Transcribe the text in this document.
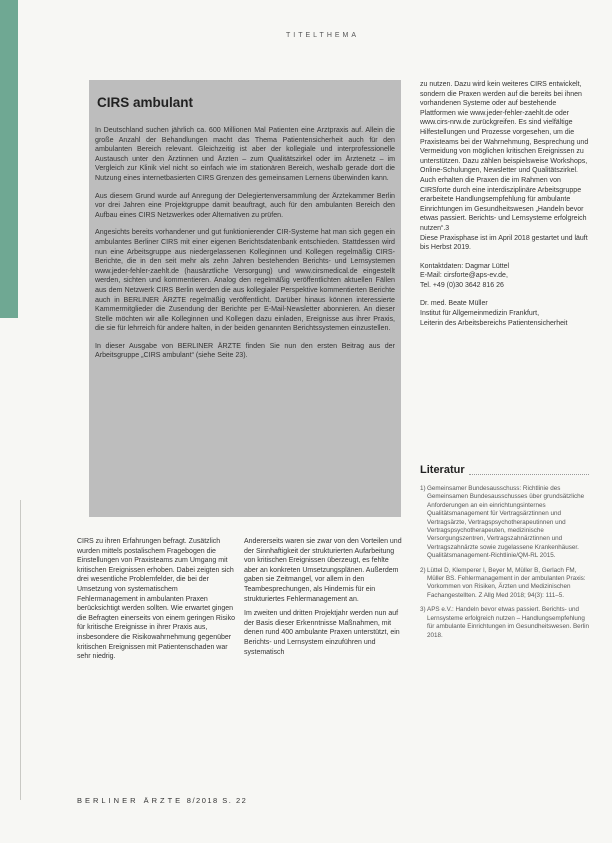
TITELTHEMA
CIRS ambulant

In Deutschland suchen jährlich ca. 600 Millionen Mal Patienten eine Arztpraxis auf. Allein die große Anzahl der Behandlungen macht das Thema Patientensicherheit auch für den ambulanten Bereich relevant. Gleichzeitig ist aber der kollegiale und interprofessionelle Austausch unter den Ärztinnen und Ärzten – zum Qualitätszirkel oder im Ärztenetz – im Vergleich zur Klinik viel nicht so einfach wie im stationären Bereich, weshalb gerade dort die Nutzung eines internetbasierten CIRS Grenzen des gemeinsamen Lernens überwinden kann.

Aus diesem Grund wurde auf Anregung der Delegiertenversammlung der Ärztekammer Berlin vor drei Jahren eine Projektgruppe damit beauftragt, auch für den ambulanten Bereich den Aufbau eines CIRS Netzwerkes oder Alternativen zu prüfen.

Angesichts bereits vorhandener und gut funktionierender CIR-Systeme hat man sich gegen ein ambulantes Berliner CIRS mit einer eigenen Berichtsdatenbank entschieden. Stattdessen wird nun eine Arbeitsgruppe aus niedergelassenen Kolleginnen und Kollegen regelmäßig CIRS-Berichte, die in den seit mehr als zehn Jahren bestehenden Berichts- und Lernsystemen www.jeder-fehler-zaehlt.de (hausärztliche Versorgung) und www.cirsmedical.de eingestellt werden, sichten und kommentieren. Analog den regelmäßig veröffentlichten aktuellen Fällen aus dem Netzwerk CIRS Berlin werden die aus kollegialer Perspektive kommentierten Berichte auch in BERLINER ÄRZTE regelmäßig veröffentlicht. Darüber hinaus können interessierte Kammermitglieder die Zusendung der Berichte per E-Mail-Newsletter abonnieren. An dieser Stelle möchten wir alle Kolleginnen und Kollegen dazu einladen, Ereignisse aus ihrer Praxis, die sie für lehrreich für andere halten, in der beiden genannten Berichtssystemen einzustellen.

In dieser Ausgabe von BERLINER ÄRZTE finden Sie nun den ersten Beitrag aus der Arbeitsgruppe „CIRS ambulant“ (siehe Seite 23).

CIRS zu ihren Erfahrungen befragt. Zusätzlich wurden mittels postalischem Fragebogen die Einstellungen von Praxisteams zum Umgang mit kritischen Ereignissen erhoben. Dabei zeigten sich drei wesentliche Problemfelder, die bei der Umsetzung von systematischem Fehlermanagement in ambulanten Praxen berücksichtigt werden sollten. Wie erwartet gingen die Befragten einerseits von einem geringen Risiko für kritische Ereignisse in ihrer Praxis aus, insbesondere die Risikowahrnehmung gegenüber kritischen Ereignissen mit Patientenschaden war sehr niedrig.

Andererseits waren sie zwar von den Vorteilen und der Sinnhaftigkeit der strukturierten Aufarbeitung von kritischen Ereignissen überzeugt, es fehlte aber an konkreten Umsetzungsplänen. Außerdem gaben sie Zeitmangel, vor allem in den Teambesprechungen, als Hindernis für ein strukturiertes Fehlermanagement an.

Im zweiten und dritten Projektjahr werden nun auf der Basis dieser Erkenntnisse Maßnahmen, mit denen rund 400 ambulante Praxen unterstützt, ein Berichts- und Lernsystem einzuführen und systematisch

zu nutzen. Dazu wird kein weiteres CIRS entwickelt, sondern die Praxen werden auf die bereits bei ihnen vorhandenen Systeme oder auf bestehende Plattformen wie www.jeder-fehler-zaehlt.de oder www.cirs-nrw.de zurückgreifen. Es sind vielfältige Hilfestellungen und Prozesse vorgesehen, um die Praxisteams bei der Wahrnehmung, Besprechung und Vermeidung von möglichen kritischen Ereignissen zu unterstützen. Dazu zählen beispielsweise Workshops, Online-Schulungen, Newsletter und Qualitätszirkel. Auch erhalten die Praxen die im Rahmen von CIRSforte durch eine interdisziplinäre Arbeitsgruppe erarbeitete Handlungsempfehlung für ambulante Einrichtungen im Gesundheitswesen „Handeln bevor etwas passiert. Berichts- und Lernsysteme erfolgreich nutzen“.3

Diese Praxisphase ist im April 2018 gestartet und läuft bis Herbst 2019.

Kontaktdaten: Dagmar Lüttel

E-Mail: cirsforte@aps-ev.de,

Tel. +49 (0)30 3642 816 26

Dr. med. Beate Müller

Institut für Allgemeinmedizin Frankfurt,

Leiterin des Arbeitsbereichs Patientensicherheit

Literatur
1) Gemeinsamer Bundesausschuss: Richtlinie des Gemeinsamen Bundesausschusses über grundsätzliche Anforderungen an ein einrichtungsinternes Qualitätsmanagement für Vertragsärztinnen und Vertragsärzte, Vertragspsychotherapeutinnen und Vertragspsychotherapeuten, medizinische Versorgungszentren, Vertragszahnärztinnen und Vertragszahnärzte sowie zugelassene Krankenhäuser. Qualitätsmanagement-Richtlinie/QM-RL 2015.
2) Lüttel D, Klemperer I, Beyer M, Müller B, Gerlach FM, Müller BS. Fehlermanagement in der ambulanten Praxis: Vorkommen von Risiken, Ärzten und Medizinischen Fachangestellten. Z Allg Med 2018; 94(3): 111–5.
3) APS e.V.: Handeln bevor etwas passiert. Berichts- und Lernsysteme erfolgreich nutzen – Handlungsempfehlung für ambulante Einrichtungen im Gesundheitswesen. Berlin 2018.
BERLINER ÄRZTE 8/2018 S. 22
